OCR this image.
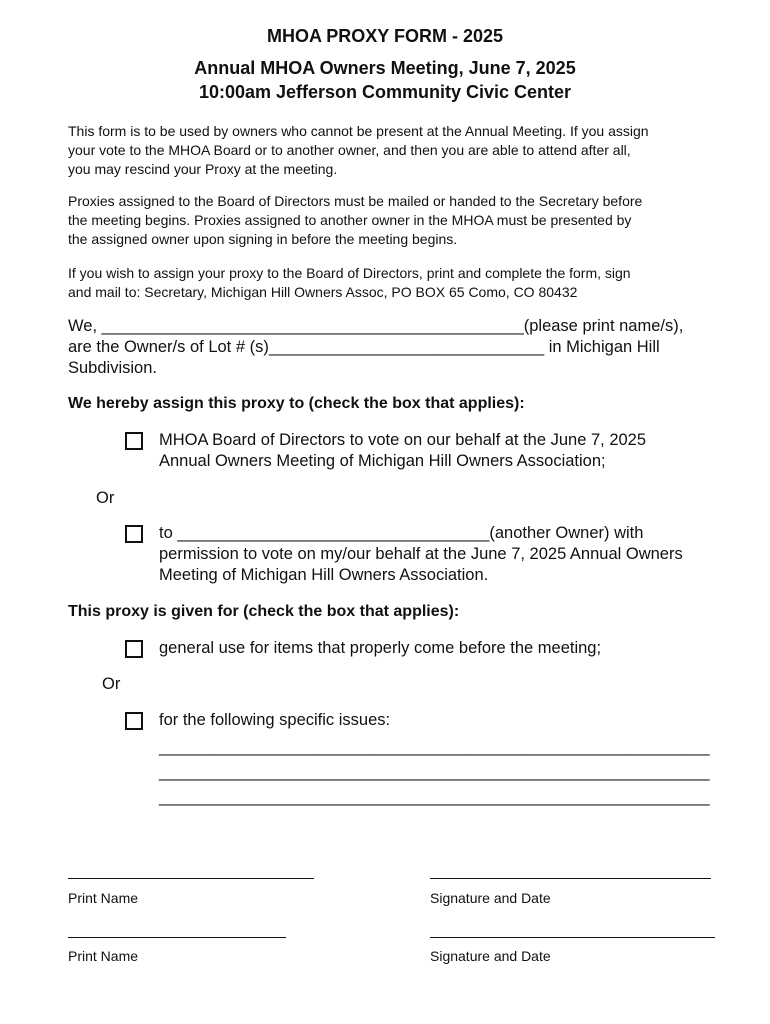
MHOA PROXY FORM - 2025
Annual MHOA Owners Meeting, June 7, 2025
10:00am Jefferson Community Civic Center
This form is to be used by owners who cannot be present at the Annual Meeting. If you assign
your vote to the MHOA Board or to another owner, and then you are able to attend after all,
you may rescind your Proxy at the meeting.
Proxies assigned to the Board of Directors must be mailed or handed to the Secretary before
the meeting begins. Proxies assigned to another owner in the MHOA must be presented by
the assigned owner upon signing in before the meeting begins.
If you wish to assign your proxy to the Board of Directors, print and complete the form, sign
and mail to: Secretary, Michigan Hill Owners Assoc, PO BOX 65 Como, CO 80432
We, ______________________________________________(please print name/s),
are the Owner/s of Lot # (s)______________________________ in Michigan Hill
Subdivision.
We hereby assign this proxy to (check the box that applies):
MHOA Board of Directors to vote on our behalf at the June 7, 2025
Annual Owners Meeting of Michigan Hill Owners Association;
Or
to __________________________________(another Owner) with
permission to vote on my/our behalf at the June 7, 2025 Annual Owners
Meeting of Michigan Hill Owners Association.
This proxy is given for (check the box that applies):
general use for items that properly come before the meeting;
Or
for the following specific issues:
____________________________________________________________
____________________________________________________________
____________________________________________________________
Print Name	Signature and Date
Print Name	Signature and Date
